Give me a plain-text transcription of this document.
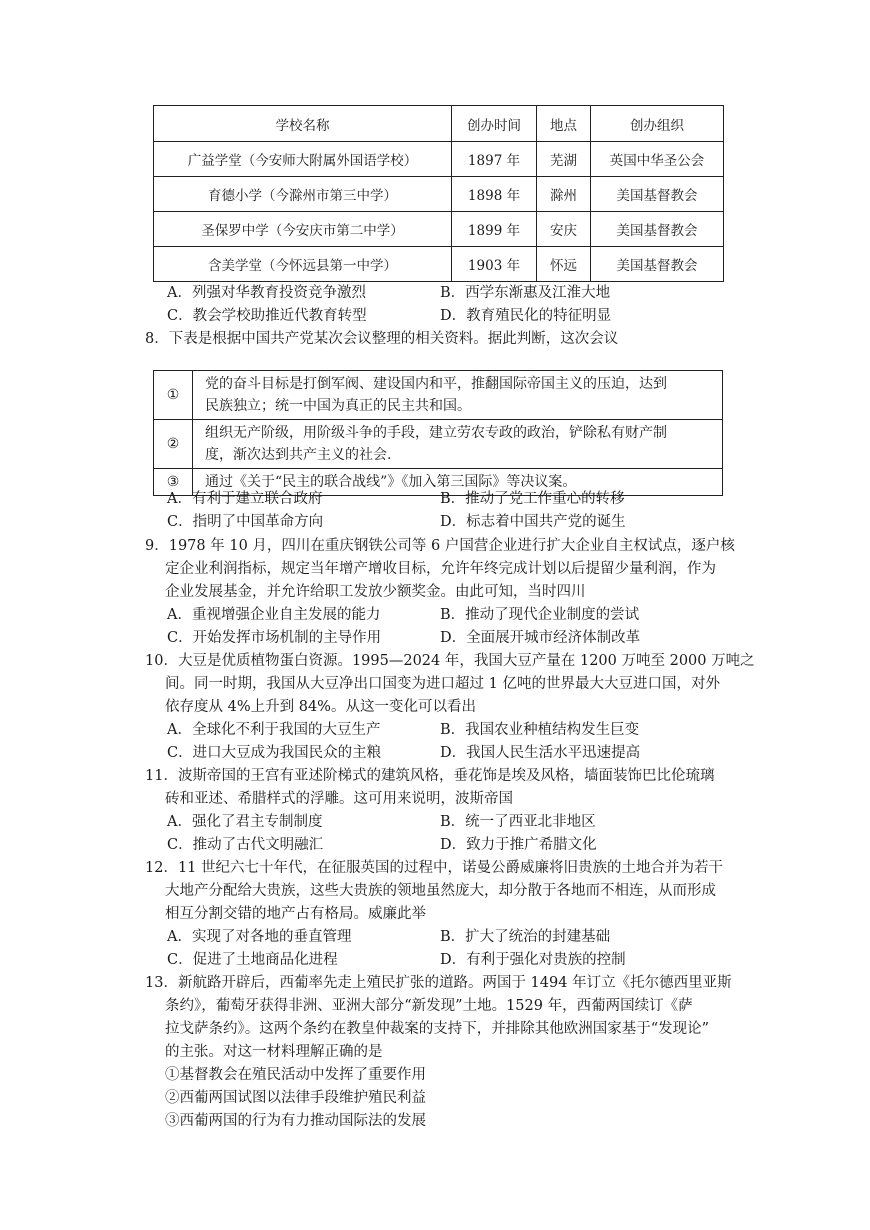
学校名称	创办时间	地点	创办组织
广益学堂（今安师大附属外国语学校）	1897 年	芜湖	英国中华圣公会
育德小学（今滁州市第三中学）	1898 年	滁州	美国基督教会
圣保罗中学（今安庆市第二中学）	1899 年	安庆	美国基督教会
含美学堂（今怀远县第一中学）	1903 年	怀远	美国基督教会
A．列强对华教育投资竞争激烈	B．西学东渐惠及江淮大地
C．教会学校助推近代教育转型	D．教育殖民化的特征明显
8．下表是根据中国共产党某次会议整理的相关资料。据此判断，这次会议
①	党的奋斗目标是打倒军阀、建设国内和平，推翻国际帝国主义的压迫，达到
民族独立；统一中国为真正的民主共和国。

②	组织无产阶级，用阶级斗争的手段，建立劳农专政的政治，铲除私有财产制
度，渐次达到共产主义的社会.

③	通过《关于“民主的联合战线”》《加入第三国际》等决议案。
A．有利于建立联合政府	B．推动了党工作重心的转移
C．指明了中国革命方向	D．标志着中国共产党的诞生
9．1978 年 10 月，四川在重庆钢铁公司等 6 户国营企业进行扩大企业自主权试点，逐户核
定企业利润指标，规定当年增产增收目标，允许年终完成计划以后提留少量利润，作为
企业发展基金，并允许给职工发放少额奖金。由此可知，当时四川
A．重视增强企业自主发展的能力	B．推动了现代企业制度的尝试
C．开始发挥市场机制的主导作用	D．全面展开城市经济体制改革
10．大豆是优质植物蛋白资源。1995—2024 年，我国大豆产量在 1200 万吨至 2000 万吨之
间。同一时期，我国从大豆净出口国变为进口超过 1 亿吨的世界最大大豆进口国，对外
依存度从 4%上升到 84%。从这一变化可以看出
A．全球化不利于我国的大豆生产	B．我国农业种植结构发生巨变
C．进口大豆成为我国民众的主粮	D．我国人民生活水平迅速提高
11．波斯帝国的王宫有亚述阶梯式的建筑风格，垂花饰是埃及风格，墙面装饰巴比伦琉璃
砖和亚述、希腊样式的浮雕。这可用来说明，波斯帝国
A．强化了君主专制制度	B．统一了西亚北非地区
C．推动了古代文明融汇	D．致力于推广希腊文化
12．11 世纪六七十年代，在征服英国的过程中，诺曼公爵威廉将旧贵族的土地合并为若干
大地产分配给大贵族，这些大贵族的领地虽然庞大，却分散于各地而不相连，从而形成
相互分割交错的地产占有格局。威廉此举
A．实现了对各地的垂直管理	B．扩大了统治的封建基础
C．促进了土地商品化进程	D．有利于强化对贵族的控制
13．新航路开辟后，西葡率先走上殖民扩张的道路。两国于 1494 年订立《托尔德西里亚斯
条约》，葡萄牙获得非洲、亚洲大部分“新发现”土地。1529 年，西葡两国续订《萨
拉戈萨条约》。这两个条约在教皇仲裁案的支持下，并排除其他欧洲国家基于“发现论”
的主张。对这一材料理解正确的是
①基督教会在殖民活动中发挥了重要作用
②西葡两国试图以法律手段维护殖民利益
③西葡两国的行为有力推动国际法的发展
